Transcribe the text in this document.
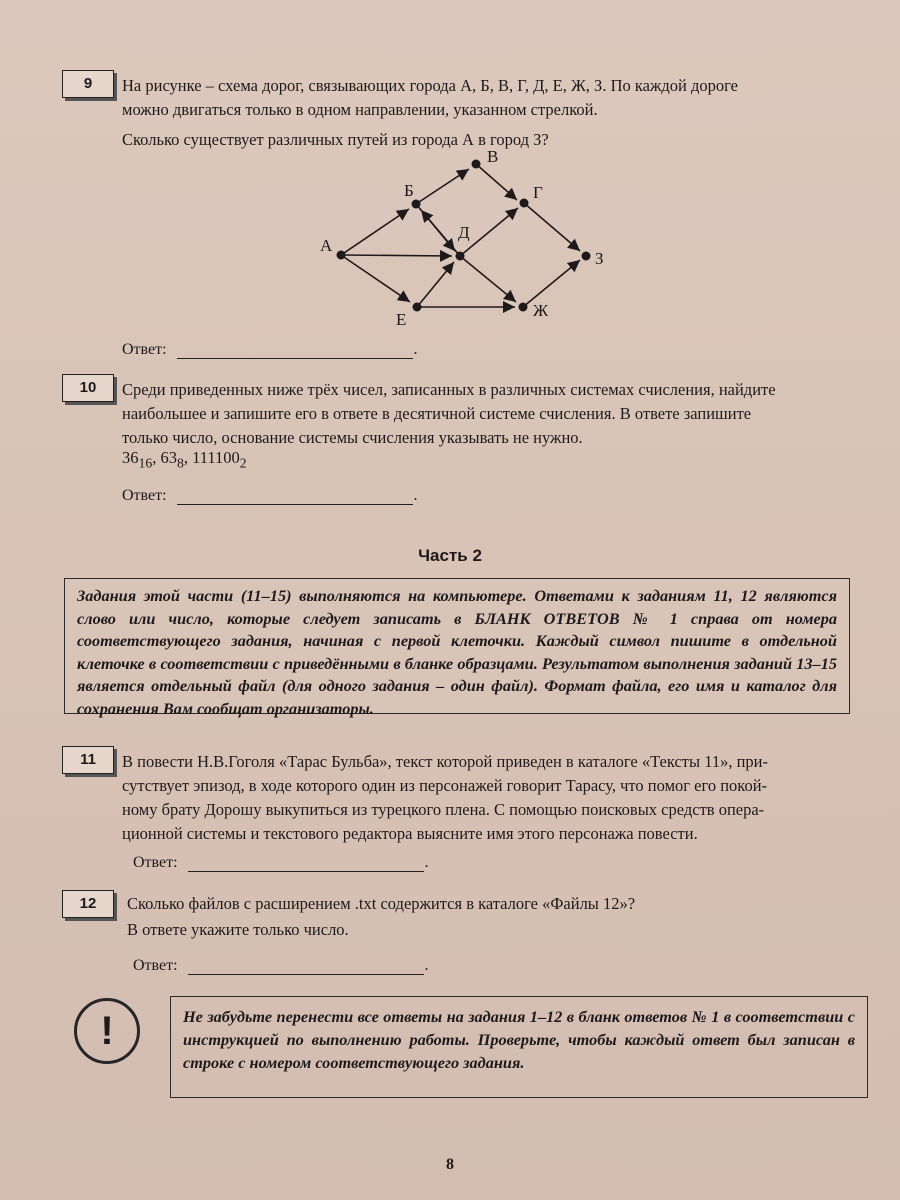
9	На рисунке – схема дорог, связывающих города А, Б, В, Г, Д, Е, Ж, З. По каждой дороге
можно двигаться только в одном направлении, указанном стрелкой.
Сколько существует различных путей из города А в город З?
А
Б
В
Г
Д
Е	Ж
З
Ответ:	.
10	Среди приведенных ниже трёх чисел, записанных в различных системах счисления, найдите
наибольшее и запишите его в ответе в десятичной системе счисления. В ответе запишите
только число, основание системы счисления указывать не нужно.
$36_{16}$, $63_8$, $111100_2$
Ответ:	.
Часть 2
Задания этой части (11–15) выполняются на компьютере. Ответами к заданиям 11, 12 являются слово или число, которые следует записать в БЛАНК ОТВЕТОВ № 1 справа от номера соответствующего задания, начиная с первой клеточки. Каждый символ пишите в отдельной клеточке в соответствии с приведёнными в бланке образцами. Результатом выполнения заданий 13–15 является отдельный файл (для одного задания – один файл). Формат файла, его имя и каталог для сохранения Вам сообщат организаторы.
11	В повести Н.В.Гоголя «Тарас Бульба», текст которой приведен в каталоге «Тексты 11», при-
сутствует эпизод, в ходе которого один из персонажей говорит Тарасу, что помог его покой-
ному брату Дорошу выкупиться из турецкого плена. С помощью поисковых средств опера-
ционной системы и текстового редактора выясните имя этого персонажа повести.
Ответ:	.
12	Сколько файлов с расширением .txt содержится в каталоге «Файлы 12»?
В ответе укажите только число.
Ответ:	.
!	Не забудьте перенести все ответы на задания 1–12 в бланк ответов № 1 в соответствии с инструкцией по выполнению работы. Проверьте, чтобы каждый ответ был записан в строке с номером соответствующего задания.
8
